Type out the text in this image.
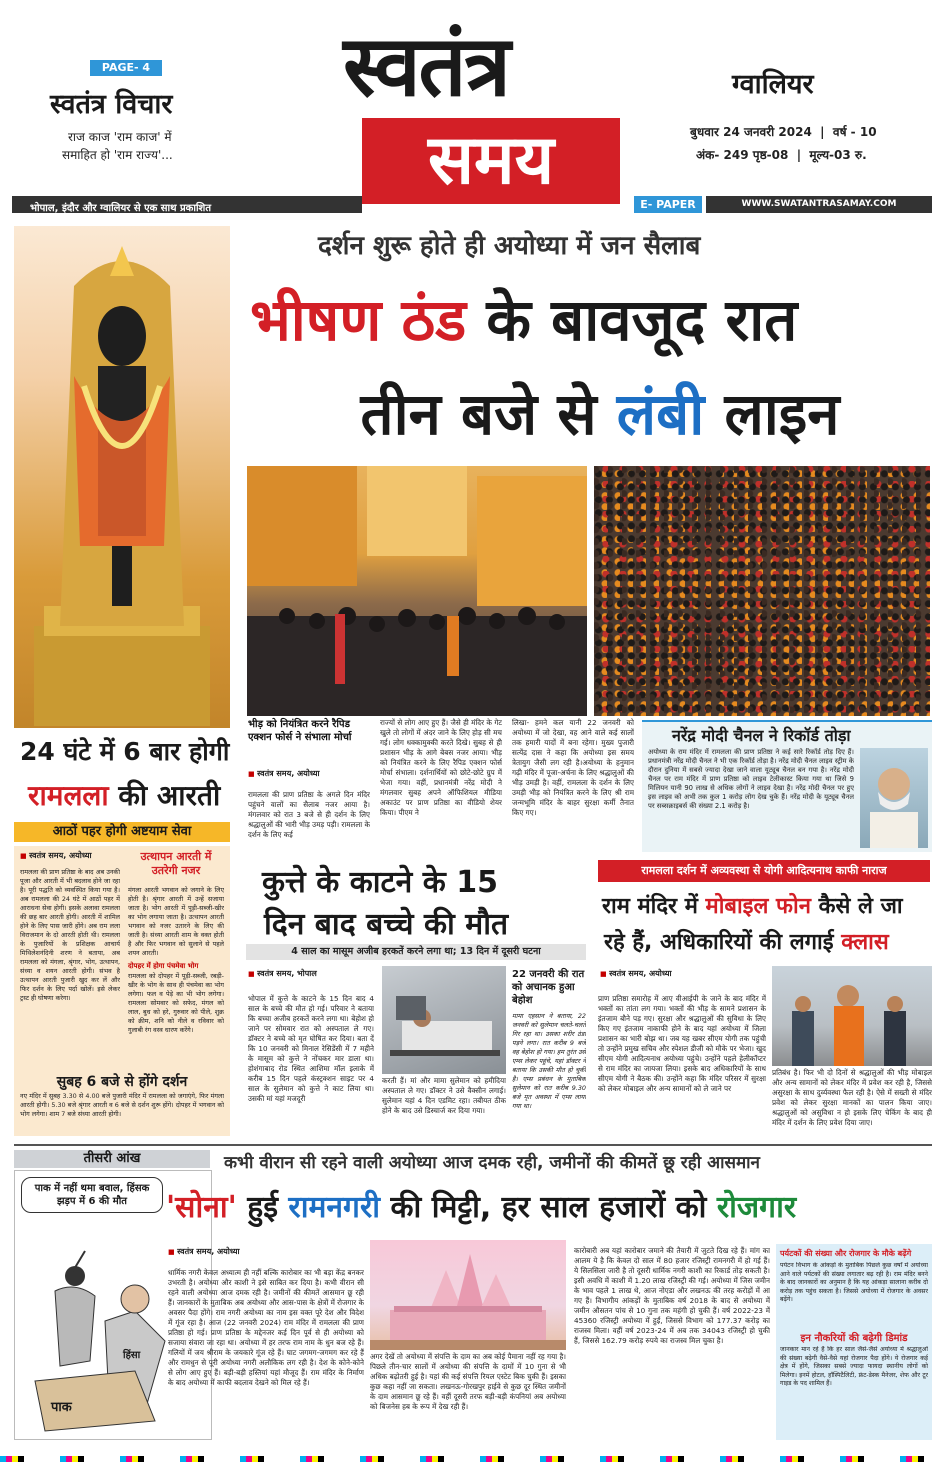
PAGE- 4
स्वतंत्र विचार
राज काज 'राम काज' में
समाहित हो 'राम राज्य'...
स्वतंत्र
समय
ग्वालियर
बुधवार 24 जनवरी 2024  |  वर्ष - 10
अंक- 249 पृष्ठ-08  |  मूल्य-03 रु.
भोपाल, इंदौर और ग्वालियर से एक साथ प्रकाशित	E- PAPER	WWW.SWATANTRASAMAY.COM
दर्शन शुरू होते ही अयोध्या में जन सैलाब
भीषण ठंड के बावजूद रात
तीन बजे से लंबी लाइन
भीड़ को नियंत्रित करने रैपिड एक्शन फोर्स ने संभाला मोर्चा
■ स्वतंत्र समय, अयोध्या
रामलला की प्राण प्रतिष्ठा के अगले दिन मंदिर पहुंचने वालों का सैलाब नजर आया है। मंगलवार को रात 3 बजे से ही दर्शन के लिए श्रद्धालुओं की भारी भीड़ उमड़ पड़ी। रामलला के दर्शन के लिए कई
राज्यों से लोग आए हुए हैं। जैसे ही मंदिर के गेट खुले तो लोगों में अंदर जाने के लिए होड़ सी मच गई। लोग धक्कामुक्की करते दिखे। सुबह से ही प्रशासन भीड़ के आगे बेबस नजर आया। भीड़ को नियंत्रित करने के लिए रैपिड एक्शन फोर्स मोर्चा संभाला। दर्शनार्थियों को छोटे-छोटे ग्रुप में भेजा गया। वहीं, प्रधानमंत्री नरेंद्र मोदी ने मंगलवार सुबह अपने ऑफिशियल मीडिया अकाउंट पर प्राण प्रतिष्ठा का वीडियो शेयर किया। पीएम ने
लिखा- हमने कल यानी 22 जनवरी को अयोध्या में जो देखा, वह आने वाले कई सालों तक हमारी यादों में बना रहेगा। मुख्य पुजारी सत्येंद्र दास ने कहा कि अयोध्या इस समय त्रेतायुग जैसी लग रही है।अयोध्या के हनुमान गढ़ी मंदिर में पूजा-अर्चना के लिए श्रद्धालुओं की भीड़ उमड़ी है। वहीं, रामलला के दर्शन के लिए उमड़ी भीड़ को नियंत्रित करने के लिए श्री राम जन्मभूमि मंदिर के बाहर सुरक्षा कर्मी तैनात किए गए।
नरेंद्र मोदी चैनल ने रिकॉर्ड तोड़ा
अयोध्या के राम मंदिर में रामलला की प्राण प्रतिष्ठा ने कई सारे रिकॉर्ड तोड़ दिए हैं। प्रधानमंत्री नरेंद्र मोदी चैनल ने भी एक रिकॉर्ड तोड़ा है। नरेंद्र मोदी चैनल लाइव स्ट्रीम के दौरान दुनिया में सबसे ज्यादा देखा जाने वाला यूट्यूब चैनल बन गया है। नरेंद्र मोदी चैनल पर राम मंदिर में प्राण प्रतिष्ठा को लाइव टेलीकास्ट किया गया था जिसे 9 मिलियन यानी 90 लाख से अधिक लोगों ने लाइव देखा है। नरेंद्र मोदी चैनल पर हुए इस लाइव को अभी तक कुल 1 करोड़ लोग देख चुके हैं। नरेंद्र मोदी के यूट्यूब चैनल पर सब्सक्राइबर्स की संख्या 2.1 करोड़ है।
24 घंटे में 6 बार होगी
रामलला की आरती
आठों पहर होगी अष्टयाम सेवा
■ स्वतंत्र समय, अयोध्या
रामलला की प्राण प्रतिष्ठा के बाद अब उनकी पूजा और आरती में भी बदलाव होने जा रहा है। पूरी पद्धति को व्यवस्थित किया गया है। अब रामलला की 24 घंटे में आठों पहर में आराधना सेवा होगी। इसके अलावा रामलला की छह बार आरती होगी। आरती में शामिल होने के लिए पास जारी होंगे। अब राम लला विराजमान के दो आरती होती थी। रामलला के पुजारियों के प्रशिक्षक आचार्य मिथिलेशनंदिनी शरण ने बताया, अब रामलला को मंगला, श्रृंगार, भोग, उत्थापन, संध्या व शयन आरती होगी। संभव है उत्थापन आरती पुजारी खुद कर लें और फिर दर्शन के लिए पर्दा खोलें। इसे लेकर ट्रस्ट ही घोषणा करेगा।
उत्थापन आरती में उतरेगी नजर
मंगला आरती भगवान को जगाने के लिए होती है। श्रृंगार आरती में उन्हें सजाया जाता है। भोग आरती में पूड़ी-सब्जी-खीर का भोग लगाया जाता है। उत्थापन आरती भगवान को नजर उतारने के लिए की जाती है। संध्या आरती शाम के वक्त होती है और फिर भगवान को सुलाने से पहले शयन आरती।
दोपहर में होगा पंचमेवा भोग
रामलला को दोपहर में पूड़ी-सब्जी, रबड़ी-खीर के भोग के साथ ही पंचमेवा का भोग लगेगा। फल व पेड़े का भी भोग लगेगा। रामलला सोमवार को सफेद, मंगल को लाल, बुध को हरे, गुरुवार को पीले, शुक्र को क्रीम, शनि को नीले व रविवार को गुलाबी रंग वस्त्र धारण करेंगे।
सुबह 6 बजे से होंगे दर्शन
नए मंदिर में सुबह 3.30 से 4.00 बजे पुजारी मंदिर में रामलला को जगाएंगे, फिर मंगला आरती होगी। 5.30 बजे श्रृंगार आरती व 6 बजे से दर्शन शुरू होंगे। दोपहर में भगवान को भोग लगेगा। शाम 7 बजे संध्या आरती होगी।
कुत्ते के काटने के 15
दिन बाद बच्चे की मौत
4 साल का मासूम अजीब हरकतें करने लगा था; 13 दिन में दूसरी घटना
■ स्वतंत्र समय, भोपाल
भोपाल में कुत्ते के काटने के 15 दिन बाद 4 साल के बच्चे की मौत हो गई। परिवार ने बताया कि बच्चा अजीब हरकतें करने लगा था। बेहोश हो जाने पर सोमवार रात को अस्पताल ले गए। डॉक्टर ने बच्चे को मृत घोषित कर दिया। बता दें कि 10 जनवरी को मिनाल रेसिडेंसी में 7 महीने के मासूम को कुत्ते ने नोंचकर मार डाला था। होशंगाबाद रोड स्थित आशिमा मॉल इलाके में करीब 15 दिन पहले कंस्ट्रक्शन साइट पर 4 साल के सुलेमान को कुत्ते ने काट लिया था। उसकी मां यहां मजदूरी
करती हैं। मां और मामा सुलेमान को हमीदिया अस्पताल ले गए। डॉक्टर ने उसे वैक्सीन लगाई। सुलेमान यहां 4 दिन एडमिट रहा। तबीयत ठीक होने के बाद उसे डिस्चार्ज कर दिया गया।
22 जनवरी की रात को अचानक हुआ बेहोश
मामा एहसान ने बताया, 22 जनवरी को सुलेमान चलते-चलते गिर रहा था। उसका शरीर ठंडा पड़ने लगा। रात करीब 9 बजे वह बेहोश हो गया। हम तुरंत उसे एम्स लेकर पहुंचे, यहां डॉक्टर ने बताया कि उसकी मौत हो चुकी है। एम्स प्रबंधन के मुताबिक सुलेमान को रात करीब 9.30 बजे मृत अवस्था में एम्स लाया गया था।
रामलला दर्शन में अव्यवस्था से योगी आदित्यनाथ काफी नाराज
राम मंदिर में मोबाइल फोन कैसे ले जा
रहे हैं, अधिकारियों की लगाई क्लास
■ स्वतंत्र समय, अयोध्या
प्राण प्रतिष्ठा समारोह में आए वीआईपी के जाने के बाद मंदिर में भक्तों का तांता लग गया। भक्तों की भीड़ के सामने प्रशासन के इंतजाम बौने पड़ गए। सुरक्षा और श्रद्धालुओं की सुविधा के लिए किए गए इंतजाम नाकाफी होने के बाद यहां अयोध्या में जिला प्रशासन का भारी बोझ था। जब यह खबर सीएम योगी तक पहुंची तो उन्होंने प्रमुख सचिव और स्पेशल डीजी को मौके पर भेजा। खुद सीएम योगी आदित्यनाथ अयोध्या पहुंचे। उन्होंने पहले हेलीकॉप्टर से राम मंदिर का जायजा लिया। इसके बाद अधिकारियों के साथ सीएम योगी ने बैठक की। उन्होंने कहा कि मंदिर परिसर में सुरक्षा को लेकर मोबाइल और अन्य सामानों को ले जाने पर
प्रतिबंध है। फिर भी दो दिनों से श्रद्धालुओं की भीड़ मोबाइल और अन्य सामानों को लेकर मंदिर में प्रवेश कर रही है, जिससे असुरक्षा के साथ दुर्व्यवस्था फैल रही है। ऐसे में सख्ती से मंदिर प्रवेश को लेकर सुरक्षा मानकों का पालन किया जाए। श्रद्धालुओं को असुविधा न हो इसके लिए चेकिंग के बाद ही मंदिर में दर्शन के लिए प्रवेश दिया जाए।
तीसरी आंख
पाक में नहीं थमा बवाल, हिंसक झड़प में 6 की मौत
पाक
हिंसा
कभी वीरान सी रहने वाली अयोध्या आज दमक रही, जमीनों की कीमतें छू रही आसमान
'सोना' हुई रामनगरी की मिट्टी, हर साल हजारों को रोजगार
■ स्वतंत्र समय, अयोध्या
धार्मिक नगरी केवल अध्यात्म ही नहीं बल्कि कारोबार का भी बड़ा केंद्र बनकर उभरती है। अयोध्या और काशी ने इसे साबित कर दिया है। कभी वीरान सी रहने वाली अयोध्या आज दमक रही है। जमीनों की कीमतें आसमान छू रही हैं। जानकारों के मुताबिक अब अयोध्या और आस-पास के क्षेत्रों में रोजगार के अवसर पैदा होंगे। राम नगरी अयोध्या का नाम इस वक्त पूरे देश और विदेश में गूंज रहा है। आज (22 जनवरी 2024) राम मंदिर में रामलला की प्राण प्रतिष्ठा हो गई। प्राण प्रतिष्ठा के मद्देनजर कई दिन पूर्व से ही अयोध्या को सजाया संवारा जा रहा था। अयोध्या में हर तरफ राम नाम के धुन बज रहे हैं। गलियों में जय श्रीराम के जयकारे गूंज रहे हैं। घाट जगमग-जगमग कर रहे हैं और रामधुन से पूरी अयोध्या नगरी अलौकिक लग रही है। देश के कोने-कोने से लोग आए हुए हैं। बड़ी-बड़ी हस्तियां यहां मौजूद हैं। राम मंदिर के निर्माण के बाद अयोध्या में काफी बदलाव देखने को मिल रहे हैं।
अगर देखें तो अयोध्या में संपत्ति के दाम का अब कोई पैमाना नहीं रह गया है। पिछले तीन-चार सालों में अयोध्या की संपत्ति के दामों में 10 गुना से भी अधिक बढ़ोतरी हुई है। यहां की कई संपत्ति रियल एस्टेट बिक चुकी हैं। इसका कुछ कहा नहीं जा सकता। लखनऊ-गोरखपुर हाईवे से कुछ दूर स्थित जमीनों के दाम आसमान छू रहे हैं। वहीं दूसरी तरफ बड़ी-बड़ी कंपनियां अब अयोध्या को बिजनेस हब के रूप में देख रही हैं।
कारोबारी अब यहां कारोबार जमाने की तैयारी में जुटते दिख रहे हैं। मांग का आलम ये है कि केवल दो साल में 80 हजार रजिस्ट्री रामनगरी में हो गई हैं। ये सिलसिला जारी है तो दूसरी धार्मिक नगरी काशी का रिकार्ड तोड़ सकती है। इसी अवधि में काशी में 1.20 लाख रजिस्ट्री की गई। अयोध्या में जिस जमीन के भाव पहले 1 लाख थे, आज नोएडा और लखनऊ की तरह करोड़ों में आ गए हैं। विभागीय आंकड़ों के मुताबिक वर्ष 2018 के बाद से अयोध्या में जमीन औसतन पांच से 10 गुना तक महंगी हो चुकी हैं। वर्ष 2022-23 में 45360 रजिस्ट्री अयोध्या में हुईं, जिससे विभाग को 177.37 करोड़ का राजस्व मिला। वहीं वर्ष 2023-24 में अब तक 34043 रजिस्ट्री हो चुकी हैं, जिससे 162.79 करोड़ रुपये का राजस्व मिल चुका है।
पर्यटकों की संख्या और रोजगार के मौके बढ़ेंगे
पर्यटन विभाग के आंकड़ों के मुताबिक पिछले कुछ वर्षों में अयोध्या आने वाले पर्यटकों की संख्या लगातार बढ़ रही है। राम मंदिर बनने के बाद जानकारों का अनुमान है कि यह आंकड़ा सालाना करीब दो करोड़ तक पहुंच सकता है। जिससे अयोध्या में रोजगार के अवसर बढ़ेंगे।
इन नौकरियों की बढ़ेगी डिमांड
जानकार मान रहे हैं कि हर साल जैसे-जैसे अयोध्या में श्रद्धालुओं की संख्या बढ़ेगी वैसे-वैसे यहां रोजगार पैदा होंगे। ये रोजगार कई क्षेत्र में होंगे, जिसका सबसे ज्यादा फायदा स्थानीय लोगों को मिलेगा। इनमें होटल, हॉस्पिटैलिटी, फ्रंट-डेस्क मैनेजर, शेफ और टूर गाइड के पद शामिल हैं।
